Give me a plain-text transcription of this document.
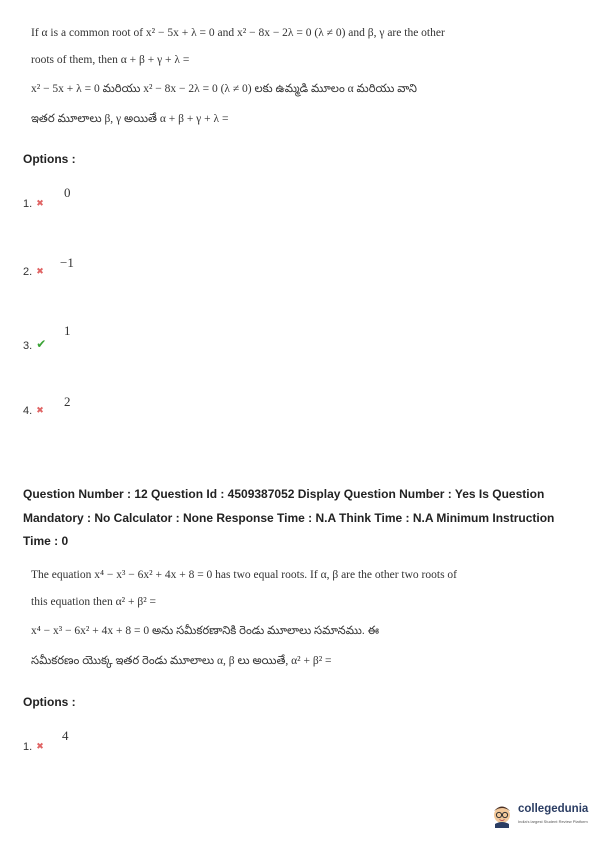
If α is a common root of x² − 5x + λ = 0 and x² − 8x − 2λ = 0 (λ ≠ 0) and β, γ are the other
roots of them, then α + β + γ + λ =
x² − 5x + λ = 0 మరియు x² − 8x − 2λ = 0 (λ ≠ 0) లకు ఉమ్మడి మూలం α మరియు వాని
ఇతర మూలాలు β, γ అయితే α + β + γ + λ =
Options :
0
1. ✖
−1
2. ✖
1
3. ✔
2
4. ✖
Question Number : 12 Question Id : 4509387052 Display Question Number : Yes Is Question Mandatory : No Calculator : None Response Time : N.A Think Time : N.A Minimum Instruction Time : 0
The equation x⁴ − x³ − 6x² + 4x + 8 = 0 has two equal roots. If α, β are the other two roots of
this equation then α² + β² =
x⁴ − x³ − 6x² + 4x + 8 = 0 అను సమీకరణానికి రెండు మూలాలు సమానము. ఈ
సమీకరణం యొక్క ఇతర రెండు మూలాలు α, β లు అయితే, α² + β² =
Options :
4
1. ✖
collegedunia
India's largest Student Review Platform
